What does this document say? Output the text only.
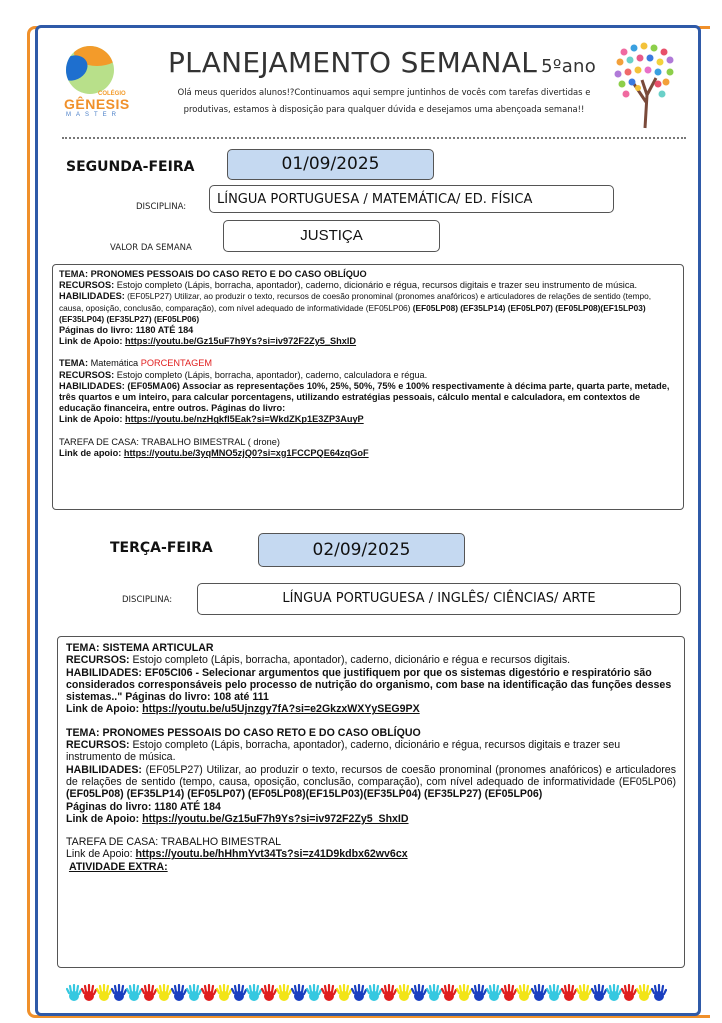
COLÉGIO
GÊNESIS
MASTER
PLANEJAMENTO SEMANAL 5ºano
Olá meus queridos alunos!?Continuamos aqui sempre juntinhos de vocês com tarefas divertidas e produtivas, estamos à disposição para qualquer dúvida e desejamos uma abençoada semana!!
SEGUNDA-FEIRA	01/09/2025
DISCIPLINA:	LÍNGUA PORTUGUESA / MATEMÁTICA/ ED. FÍSICA
VALOR DA SEMANA
JUSTIÇA

TEMA: PRONOMES PESSOAIS DO CASO RETO E DO CASO OBLÍQUO

RECURSOS: Estojo completo (Lápis, borracha, apontador), caderno, dicionário e régua, recursos digitais e trazer seu instrumento de música.

HABILIDADES: (EF05LP27) Utilizar, ao produzir o texto, recursos de coesão pronominal (pronomes anafóricos) e articuladores de relações de sentido (tempo, causa, oposição, conclusão, comparação), com nível adequado de informatividade (EF05LP06) (EF05LP08) (EF35LP14) (EF05LP07) (EF05LP08)(EF15LP03)(EF35LP04) (EF35LP27) (EF05LP06)

Páginas do livro: 1180 ATÉ 184

Link de Apoio: https://youtu.be/Gz15uF7h9Ys?si=iv972F2Zy5_ShxID

TEMA: Matemática PORCENTAGEM

RECURSOS: Estojo completo (Lápis, borracha, apontador), caderno, calculadora e régua.

HABILIDADES: (EF05MA06) Associar as representações 10%, 25%, 50%, 75% e 100% respectivamente à décima parte, quarta parte, metade, três quartos e um inteiro, para calcular porcentagens, utilizando estratégias pessoais, cálculo mental e calculadora, em contextos de educação financeira, entre outros. Páginas do livro:

Link de Apoio: https://youtu.be/nzHgkfl5Eak?si=WkdZKp1E3ZP3AuyP

TAREFA DE CASA: TRABALHO BIMESTRAL ( drone)

Link de apoio: https://youtu.be/3yqMNO5zjQ0?si=xg1FCCPQE64zqGoF

TERÇA-FEIRA	02/09/2025
DISCIPLINA:	LÍNGUA PORTUGUESA / INGLÊS/ CIÊNCIAS/ ARTE

TEMA: SISTEMA ARTICULAR

RECURSOS: Estojo completo (Lápis, borracha, apontador), caderno, dicionário e régua e recursos digitais.

HABILIDADES: EF05CI06 - Selecionar argumentos que justifiquem por que os sistemas digestório e respiratório são considerados corresponsáveis pelo processo de nutrição do organismo, com base na identificação das funções desses sistemas.." Páginas do livro: 108 até 111

Link de Apoio: https://youtu.be/u5Ujnzgy7fA?si=e2GkzxWXYySEG9PX

TEMA: PRONOMES PESSOAIS DO CASO RETO E DO CASO OBLÍQUO

RECURSOS: Estojo completo (Lápis, borracha, apontador), caderno, dicionário e régua, recursos digitais e trazer seu instrumento de música.

HABILIDADES: (EF05LP27) Utilizar, ao produzir o texto, recursos de coesão pronominal (pronomes anafóricos) e articuladores de relações de sentido (tempo, causa, oposição, conclusão, comparação), com nível adequado de informatividade (EF05LP06) (EF05LP08) (EF35LP14) (EF05LP07) (EF05LP08)(EF15LP03)(EF35LP04) (EF35LP27) (EF05LP06)

Páginas do livro: 1180 ATÉ 184

Link de Apoio: https://youtu.be/Gz15uF7h9Ys?si=iv972F2Zy5_ShxID

TAREFA DE CASA: TRABALHO BIMESTRAL

Link de Apoio: https://youtu.be/hHhmYvt34Ts?si=z41D9kdbx62wv6cx

ATIVIDADE EXTRA:
